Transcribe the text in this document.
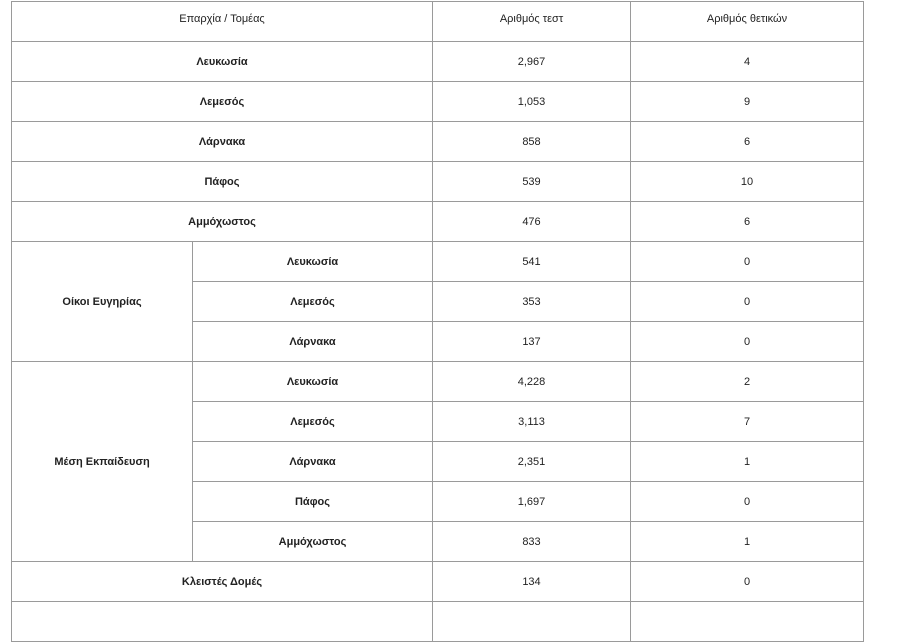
Επαρχία / Τομέας		Αριθμός τεστ	Αριθμός θετικών
Λευκωσία		2,967	4
Λεμεσός		1,053	9
Λάρνακα		858	6
Πάφος		539	10
Αμμόχωστος		476	6
Οίκοι Ευγηρίας	Λευκωσία	541	0
	Λεμεσός	353	0
	Λάρνακα	137	0
Μέση Εκπαίδευση	Λευκωσία	4,228	2
	Λεμεσός	3,113	7
	Λάρνακα	2,351	1
	Πάφος	1,697	0
	Αμμόχωστος	833	1
Κλειστές Δομές		134	0
